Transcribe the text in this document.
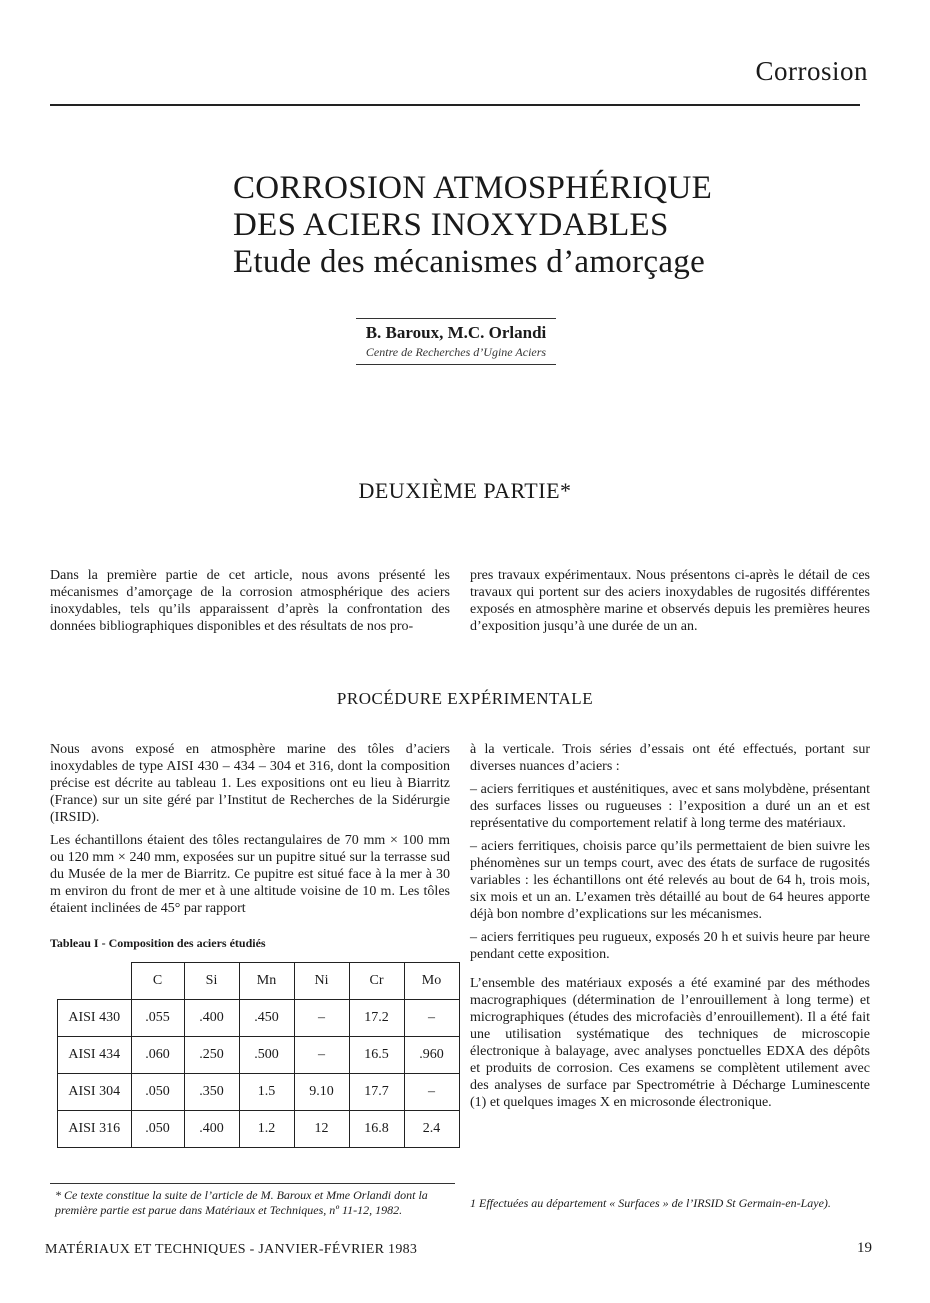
Corrosion
CORROSION ATMOSPHÉRIQUE
DES ACIERS INOXYDABLES
Etude des mécanismes d’amorçage
B. Baroux, M.C. Orlandi
Centre de Recherches d’Ugine Aciers
DEUXIÈME PARTIE*

Dans la première partie de cet article, nous avons présenté les mécanismes d’amorçage de la corrosion atmosphérique des aciers inoxydables, tels qu’ils apparaissent d’après la confrontation des données bibliographiques disponibles et des résultats de nos pro-

pres travaux expérimentaux. Nous présentons ci-après le détail de ces travaux qui portent sur des aciers inoxydables de rugosités différentes exposés en atmosphère marine et observés depuis les premières heures d’exposition jusqu’à une durée de un an.

PROCÉDURE EXPÉRIMENTALE

Nous avons exposé en atmosphère marine des tôles d’aciers inoxydables de type AISI 430 – 434 – 304 et 316, dont la composition précise est décrite au tableau 1. Les expositions ont eu lieu à Biarritz (France) sur un site géré par l’Institut de Recherches de la Sidérurgie (IRSID).

Les échantillons étaient des tôles rectangulaires de 70 mm × 100 mm ou 120 mm × 240 mm, exposées sur un pupitre situé sur la terrasse sud du Musée de la mer de Biarritz. Ce pupitre est situé face à la mer à 30 m environ du front de mer et à une altitude voisine de 10 m. Les tôles étaient inclinées de 45° par rapport

Tableau I - Composition des aciers étudiés
	C	Si	Mn	Ni	Cr	Mo
AISI 430	.055	.400	.450	–	17.2	–
AISI 434	.060	.250	.500	–	16.5	.960
AISI 304	.050	.350	1.5	9.10	17.7	–
AISI 316	.050	.400	1.2	12	16.8	2.4

à la verticale. Trois séries d’essais ont été effectués, portant sur diverses nuances d’aciers :

– aciers ferritiques et austénitiques, avec et sans molybdène, présentant des surfaces lisses ou rugueuses : l’exposition a duré un an et est représentative du comportement relatif à long terme des matériaux.

– aciers ferritiques, choisis parce qu’ils permettaient de bien suivre les phénomènes sur un temps court, avec des états de surface de rugosités variables : les échantillons ont été relevés au bout de 64 h, trois mois, six mois et un an. L’examen très détaillé au bout de 64 heures apporte déjà bon nombre d’explications sur les mécanismes.

– aciers ferritiques peu rugueux, exposés 20 h et suivis heure par heure pendant cette exposition.

L’ensemble des matériaux exposés a été examiné par des méthodes macrographiques (détermination de l’enrouillement à long terme) et micrographiques (études des microfaciès d’enrouillement). Il a été fait une utilisation systématique des techniques de microscopie électronique à balayage, avec analyses ponctuelles EDXA des dépôts et produits de corrosion. Ces examens se complètent utilement avec des analyses de surface par Spectrométrie à Décharge Luminescente (1) et quelques images X en microsonde électronique.

* Ce texte constitue la suite de l’article de M. Baroux et Mme Orlandi dont la première partie est parue dans Matériaux et Techniques, nº 11-12, 1982.	1 Effectuées au département « Surfaces » de l’IRSID St Germain-en-Laye).
MATÉRIAUX ET TECHNIQUES - JANVIER-FÉVRIER 1983	19
